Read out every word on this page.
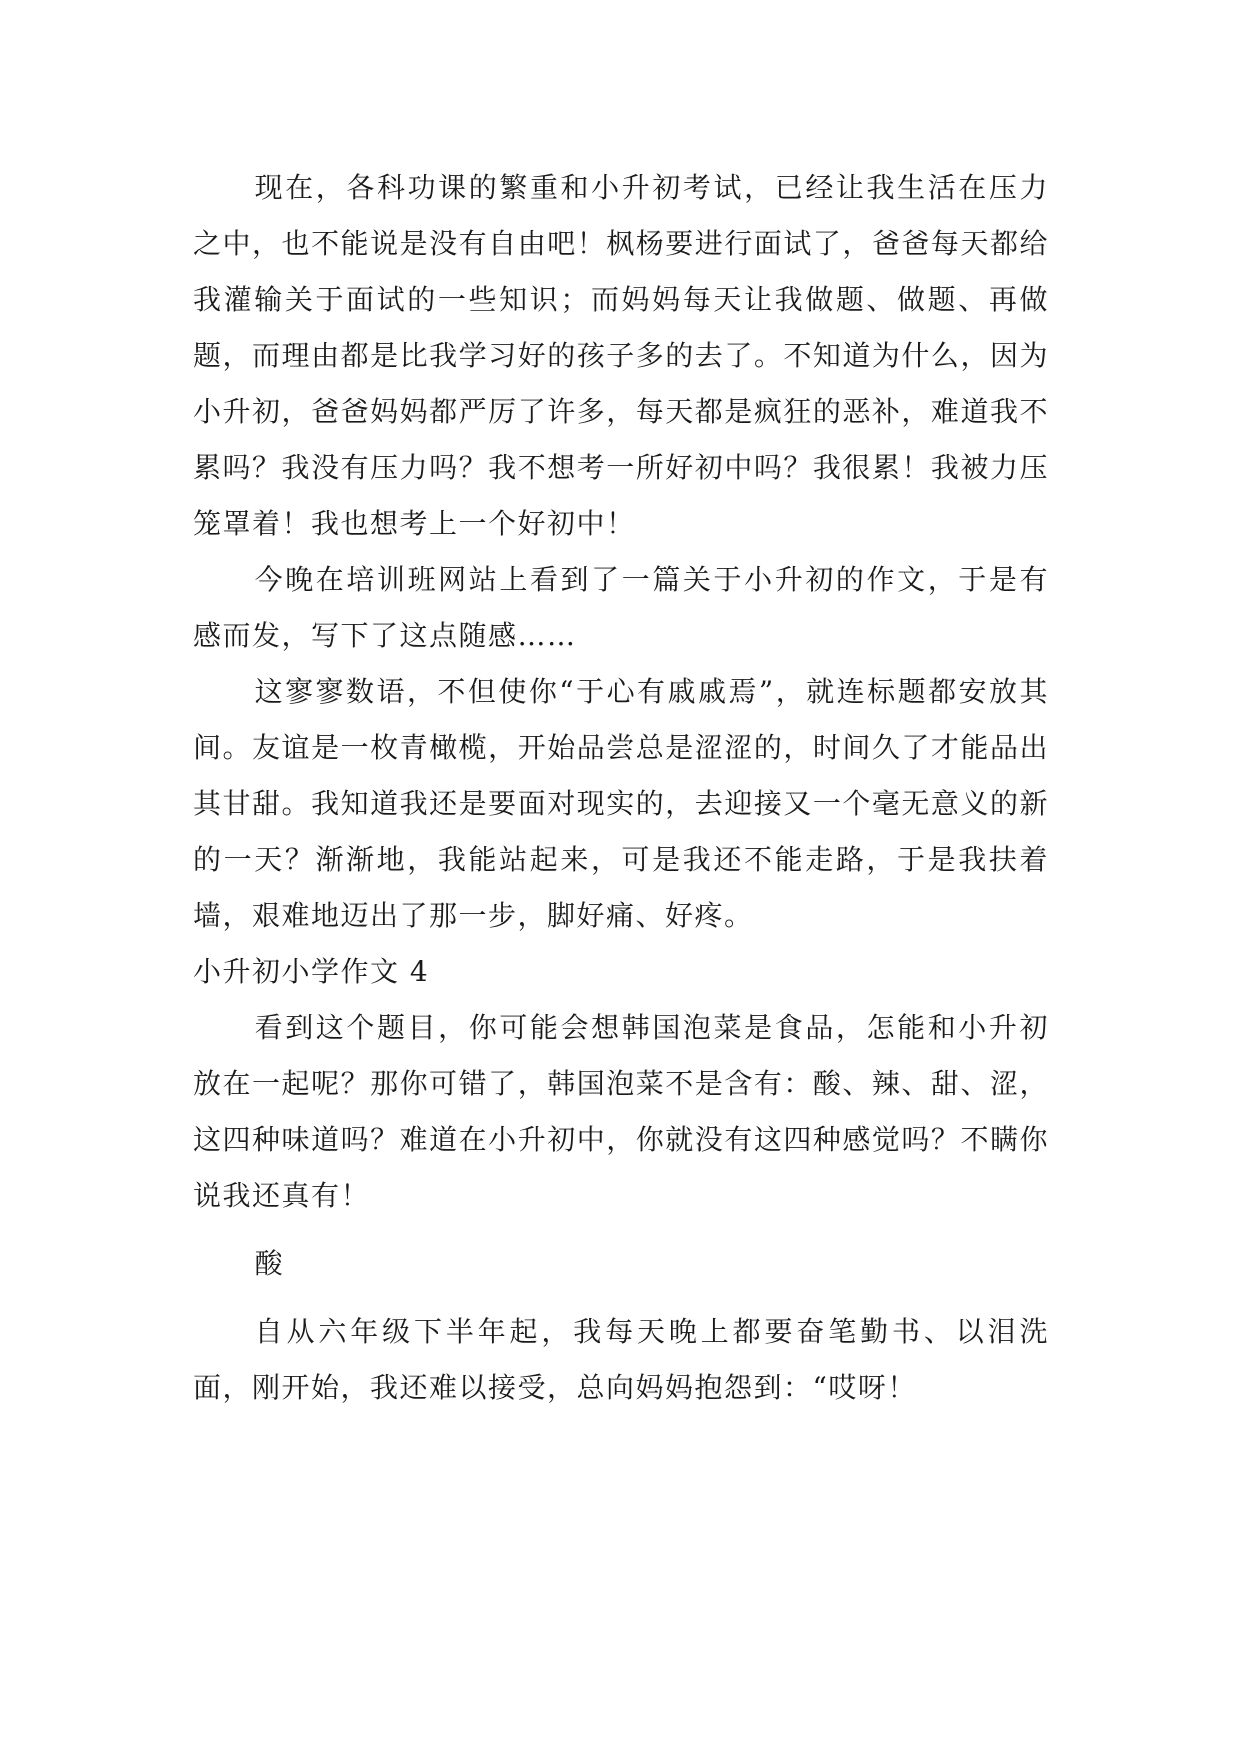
现在，各科功课的繁重和小升初考试，已经让我生活在压力之中，也不能说是没有自由吧！枫杨要进行面试了，爸爸每天都给我灌输关于面试的一些知识；而妈妈每天让我做题、做题、再做题，而理由都是比我学习好的孩子多的去了。不知道为什么，因为小升初，爸爸妈妈都严厉了许多，每天都是疯狂的恶补，难道我不累吗？我没有压力吗？我不想考一所好初中吗？我很累！我被力压笼罩着！我也想考上一个好初中！

今晚在培训班网站上看到了一篇关于小升初的作文，于是有感而发，写下了这点随感……

这寥寥数语，不但使你“于心有戚戚焉”，就连标题都安放其间。友谊是一枚青橄榄，开始品尝总是涩涩的，时间久了才能品出其甘甜。我知道我还是要面对现实的，去迎接又一个毫无意义的新的一天？渐渐地，我能站起来，可是我还不能走路，于是我扶着墙，艰难地迈出了那一步，脚好痛、好疼。

小升初小学作文 4

看到这个题目，你可能会想韩国泡菜是食品，怎能和小升初放在一起呢？那你可错了，韩国泡菜不是含有：酸、辣、甜、涩，这四种味道吗？难道在小升初中，你就没有这四种感觉吗？不瞒你说我还真有！

酸

自从六年级下半年起，我每天晚上都要奋笔勤书、以泪洗面，刚开始，我还难以接受，总向妈妈抱怨到：“哎呀！
